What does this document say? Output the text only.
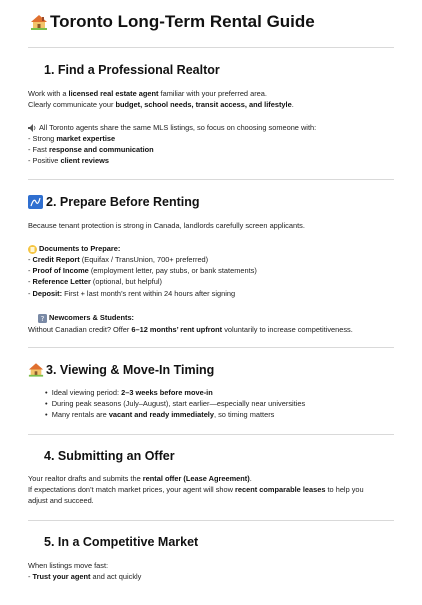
Toronto Long-Term Rental Guide
1. Find a Professional Realtor
Work with a licensed real estate agent familiar with your preferred area.
Clearly communicate your budget, school needs, transit access, and lifestyle.
All Toronto agents share the same MLS listings, so focus on choosing someone with:
- Strong market expertise
- Fast response and communication
- Positive client reviews
2. Prepare Before Renting
Because tenant protection is strong in Canada, landlords carefully screen applicants.
Documents to Prepare:
- Credit Report (Equifax / TransUnion, 700+ preferred)
- Proof of Income (employment letter, pay stubs, or bank statements)
- Reference Letter (optional, but helpful)
- Deposit: First + last month’s rent within 24 hours after signing
? Newcomers & Students:
Without Canadian credit? Offer 6–12 months’ rent upfront voluntarily to increase competitiveness.
3. Viewing & Move-In Timing
•  Ideal viewing period: 2–3 weeks before move-in
•  During peak seasons (July–August), start earlier—especially near universities
•  Many rentals are vacant and ready immediately, so timing matters
4. Submitting an Offer
Your realtor drafts and submits the rental offer (Lease Agreement).
If expectations don’t match market prices, your agent will show recent comparable leases to help you
adjust and succeed.
5. In a Competitive Market
When listings move fast:
- Trust your agent and act quickly
